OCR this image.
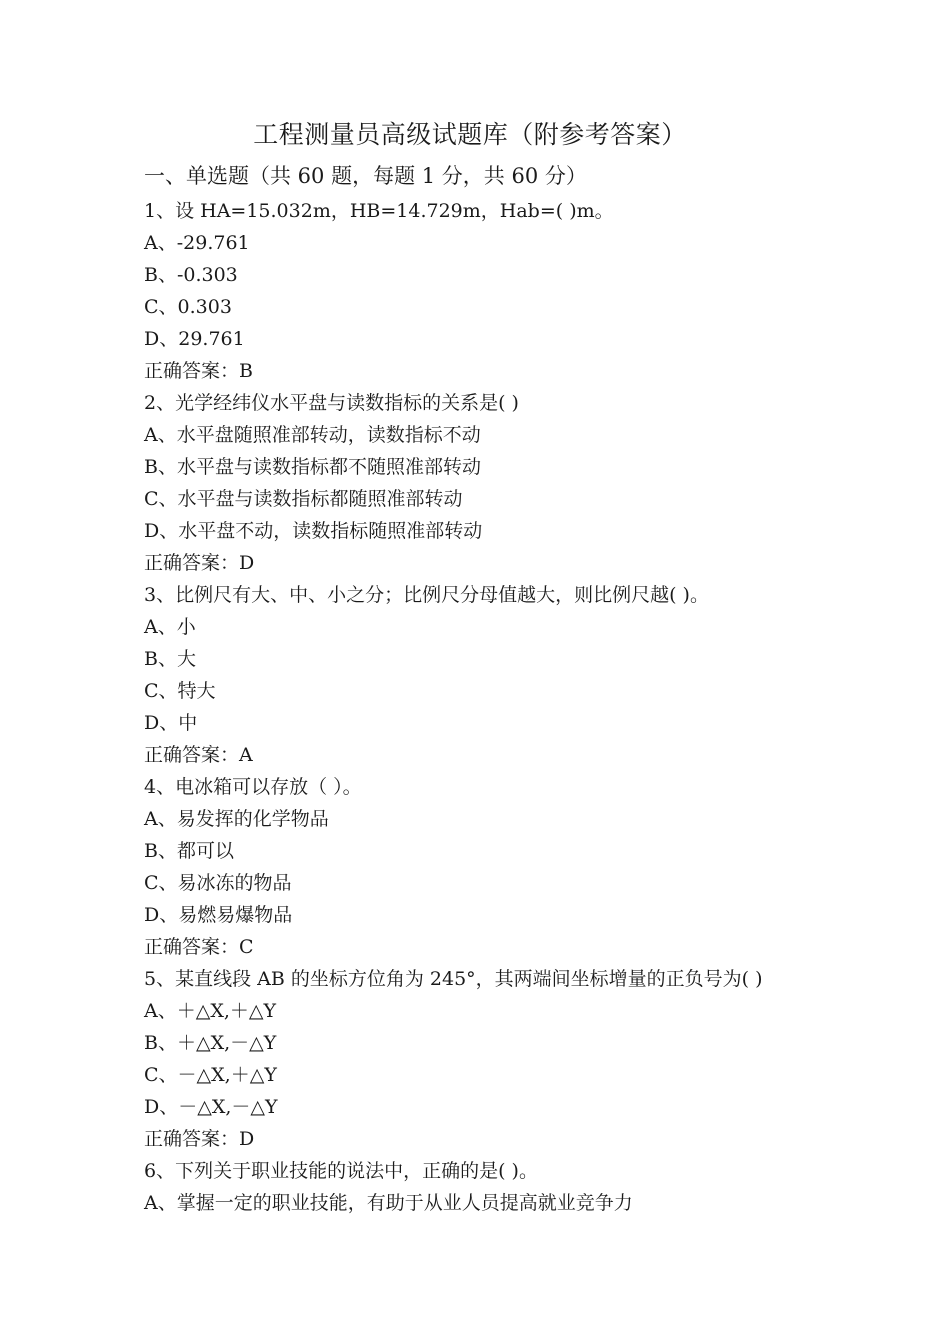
工程测量员高级试题库（附参考答案）
一、单选题（共 60 题，每题 1 分，共 60 分）
1、设 HA=15.032m，HB=14.729m，Hab=( )m。
A、-29.761
B、-0.303
C、0.303
D、29.761
正确答案：B
2、光学经纬仪水平盘与读数指标的关系是( )
A、水平盘随照准部转动，读数指标不动
B、水平盘与读数指标都不随照准部转动
C、水平盘与读数指标都随照准部转动
D、水平盘不动，读数指标随照准部转动
正确答案：D
3、比例尺有大、中、小之分；比例尺分母值越大，则比例尺越( )。
A、小
B、大
C、特大
D、中
正确答案：A
4、电冰箱可以存放（ ）。
A、易发挥的化学物品
B、都可以
C、易冰冻的物品
D、易燃易爆物品
正确答案：C
5、某直线段 AB 的坐标方位角为 245°，其两端间坐标增量的正负号为( )
A、＋△X,＋△Y
B、＋△X,－△Y
C、－△X,＋△Y
D、－△X,－△Y
正确答案：D
6、下列关于职业技能的说法中，正确的是( )。
A、掌握一定的职业技能，有助于从业人员提高就业竞争力
